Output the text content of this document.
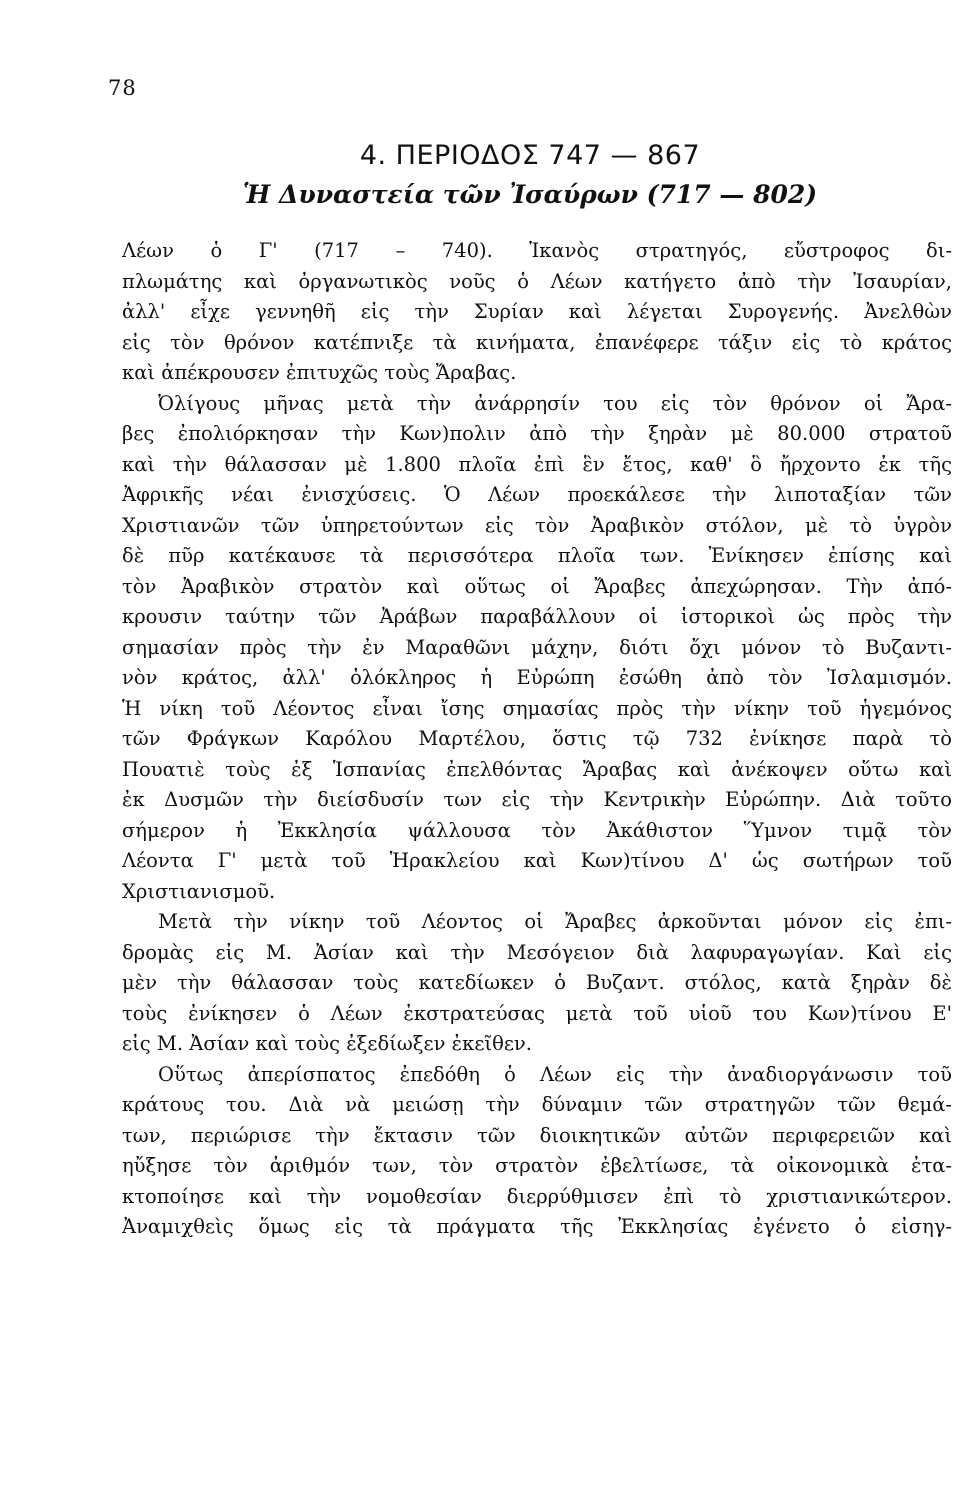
78
4. ΠΕΡΙΟΔΟΣ 747 — 867
Ἡ Δυναστεία τῶν Ἰσαύρων (717 — 802)
Λέων ὁ Γ' (717 – 740). Ἱκανὸς στρατηγός, εὔστροφος δι-
πλωμάτης καὶ ὀργανωτικὸς νοῦς ὁ Λέων κατήγετο ἀπὸ τὴν Ἰσαυρίαν,
ἀλλ' εἶχε γεννηθῆ εἰς τὴν Συρίαν καὶ λέγεται Συρογενής. Ἀνελθὼν
εἰς τὸν θρόνον κατέπνιξε τὰ κινήματα, ἐπανέφερε τάξιν εἰς τὸ κράτος
καὶ ἀπέκρουσεν ἐπιτυχῶς τοὺς Ἄραβας.
Ὀλίγους μῆνας μετὰ τὴν ἀνάρρησίν του εἰς τὸν θρόνον οἱ Ἄρα-
βες ἐπολιόρκησαν τὴν Κων)πολιν ἀπὸ τὴν ξηρὰν μὲ 80.000 στρατοῦ
καὶ τὴν θάλασσαν μὲ 1.800 πλοῖα ἐπὶ ἓν ἔτος, καθ' ὃ ἤρχοντο ἐκ τῆς
Ἀφρικῆς νέαι ἐνισχύσεις. Ὁ Λέων προεκάλεσε τὴν λιποταξίαν τῶν
Χριστιανῶν τῶν ὑπηρετούντων εἰς τὸν Ἀραβικὸν στόλον, μὲ τὸ ὑγρὸν
δὲ πῦρ κατέκαυσε τὰ περισσότερα πλοῖα των. Ἐνίκησεν ἐπίσης καὶ
τὸν Ἀραβικὸν στρατὸν καὶ οὕτως οἱ Ἄραβες ἀπεχώρησαν. Τὴν ἀπό-
κρουσιν ταύτην τῶν Ἀράβων παραβάλλουν οἱ ἱστορικοὶ ὡς πρὸς τὴν
σημασίαν πρὸς τὴν ἐν Μαραθῶνι μάχην, διότι ὄχι μόνον τὸ Βυζαντι-
νὸν κράτος, ἀλλ' ὁλόκληρος ἡ Εὐρώπη ἐσώθη ἀπὸ τὸν Ἰσλαμισμόν.
Ἡ νίκη τοῦ Λέοντος εἶναι ἴσης σημασίας πρὸς τὴν νίκην τοῦ ἡγεμόνος
τῶν Φράγκων Καρόλου Μαρτέλου, ὅστις τῷ 732 ἐνίκησε παρὰ τὸ
Πουατιὲ τοὺς ἐξ Ἱσπανίας ἐπελθόντας Ἄραβας καὶ ἀνέκοψεν οὕτω καὶ
ἐκ Δυσμῶν τὴν διείσδυσίν των εἰς τὴν Κεντρικὴν Εὐρώπην. Διὰ τοῦτο
σήμερον ἡ Ἐκκλησία ψάλλουσα τὸν Ἀκάθιστον Ὕμνον τιμᾷ τὸν
Λέοντα Γ' μετὰ τοῦ Ἡρακλείου καὶ Κων)τίνου Δ' ὡς σωτήρων τοῦ
Χριστιανισμοῦ.
Μετὰ τὴν νίκην τοῦ Λέοντος οἱ Ἄραβες ἀρκοῦνται μόνον εἰς ἐπι-
δρομὰς εἰς Μ. Ἀσίαν καὶ τὴν Μεσόγειον διὰ λαφυραγωγίαν. Καὶ εἰς
μὲν τὴν θάλασσαν τοὺς κατεδίωκεν ὁ Βυζαντ. στόλος, κατὰ ξηρὰν δὲ
τοὺς ἐνίκησεν ὁ Λέων ἐκστρατεύσας μετὰ τοῦ υἱοῦ του Κων)τίνου Ε'
εἰς Μ. Ἀσίαν καὶ τοὺς ἐξεδίωξεν ἐκεῖθεν.
Οὕτως ἀπερίσπατος ἐπεδόθη ὁ Λέων εἰς τὴν ἀναδιοργάνωσιν τοῦ
κράτους του. Διὰ νὰ μειώσῃ τὴν δύναμιν τῶν στρατηγῶν τῶν θεμά-
των, περιώρισε τὴν ἔκτασιν τῶν διοικητικῶν αὐτῶν περιφερειῶν καὶ
ηὔξησε τὸν ἀριθμόν των, τὸν στρατὸν ἐβελτίωσε, τὰ οἰκονομικὰ ἐτα-
κτοποίησε καὶ τὴν νομοθεσίαν διερρύθμισεν ἐπὶ τὸ χριστιανικώτερον.
Ἀναμιχθεὶς ὅμως εἰς τὰ πράγματα τῆς Ἐκκλησίας ἐγένετο ὁ εἰσηγ-
